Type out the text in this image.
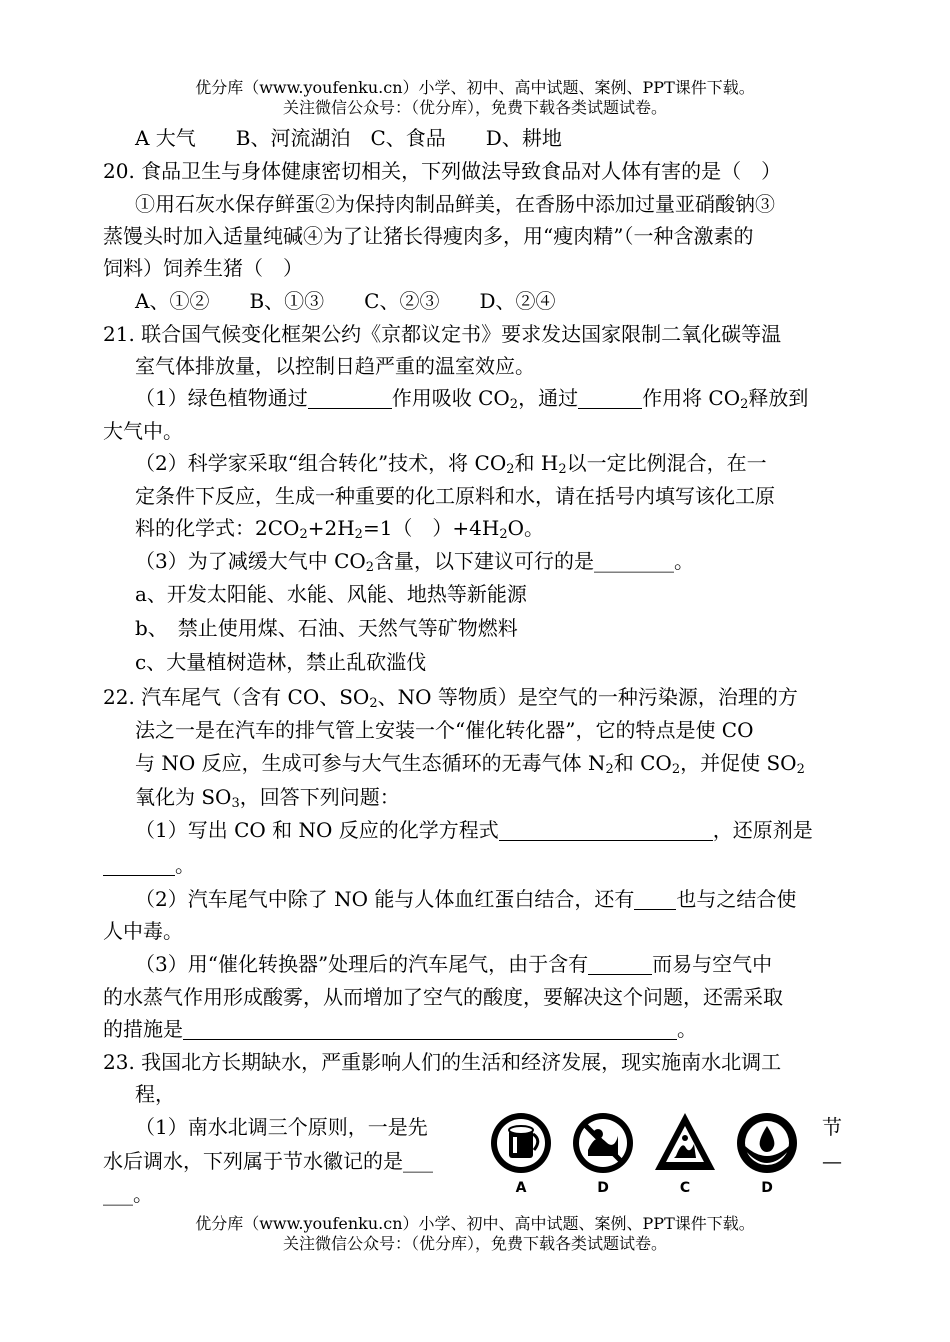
优分库（www.youfenku.cn）小学、初中、高中试题、案例、PPT课件下载。
关注微信公众号：（优分库），免费下载各类试题试卷。
A 大气　　B、河流湖泊　C、食品　　D、耕地
20. 食品卫生与身体健康密切相关，下列做法导致食品对人体有害的是（　）
①用石灰水保存鲜蛋②为保持肉制品鲜美，在香肠中添加过量亚硝酸钠③
蒸馒头时加入适量纯碱④为了让猪长得瘦肉多，用“瘦肉精”（一种含激素的
饲料）饲养生猪（　）
A、①②　　B、①③　　C、②③　　D、②④
21. 联合国气候变化框架公约《京都议定书》要求发达国家限制二氧化碳等温
室气体排放量，以控制日趋严重的温室效应。
（1）绿色植物通过	作用吸收 $CO_2$，通过	作用将 $CO_2$释放到
大气中。
（2）科学家采取“组合转化”技术，将 $CO_2$和 $H_2$以一定比例混合，在一
定条件下反应，生成一种重要的化工原料和水，请在括号内填写该化工原
料的化学式：$2CO_2+2H_2=1$（　）$+4H_2O$。
（3）为了减缓大气中 $CO_2$含量，以下建议可行的是________。
a、开发太阳能、水能、风能、地热等新能源
b、　禁止使用煤、石油、天然气等矿物燃料
c、大量植树造林，禁止乱砍滥伐
22. 汽车尾气（含有 CO、$SO_2$、NO 等物质）是空气的一种污染源，治理的方
法之一是在汽车的排气管上安装一个“催化转化器”，它的特点是使 CO
与 NO 反应，生成可参与大气生态循环的无毒气体 $N_2$和 $CO_2$，并促使 $SO_2$
氧化为 $SO_3$，回答下列问题：
（1）写出 CO 和 NO 反应的化学方程式	，还原剂是
。
（2）汽车尾气中除了 NO 能与人体血红蛋白结合，还有 也与之结合使
人中毒。
（3）用“催化转换器”处理后的汽车尾气，由于含有	而易与空气中
的水蒸气作用形成酸雾，从而增加了空气的酸度，要解决这个问题，还需采取
的措施是	。
23. 我国北方长期缺水，严重影响人们的生活和经济发展，现实施南水北调工
程，
（1）南水北调三个原则，一是先	节
水后调水，下列属于节水徽记的是___	—
___。	A	D	C	D
优分库（www.youfenku.cn）小学、初中、高中试题、案例、PPT课件下载。
关注微信公众号：（优分库），免费下载各类试题试卷。
